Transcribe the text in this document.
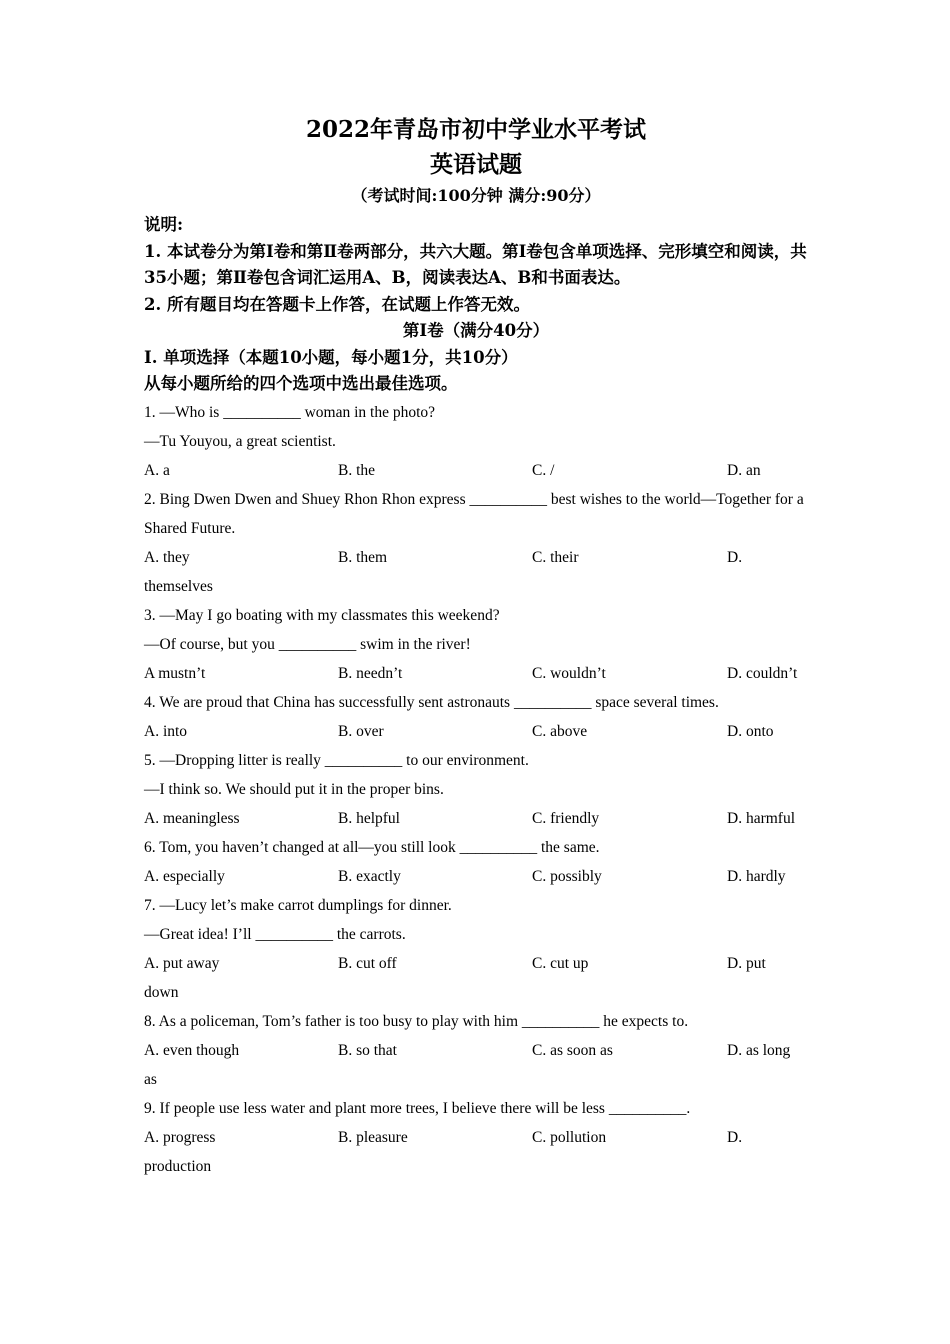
2022年青岛市初中学业水平考试
英语试题
（考试时间:100分钟 满分:90分）
说明:
1. 本试卷分为第I卷和第Ⅱ卷两部分，共六大题。第I卷包含单项选择、完形填空和阅读，共35小题；第Ⅱ卷包含词汇运用A、B，阅读表达A、B和书面表达。
2. 所有题目均在答题卡上作答，在试题上作答无效。
第I卷（满分40分）
I. 单项选择（本题10小题，每小题1分，共10分）
从每小题所给的四个选项中选出最佳选项。
1. —Who is __________ woman in the photo?
—Tu Youyou, a great scientist.
A. a	B. the	C. /	D. an
2. Bing Dwen Dwen and Shuey Rhon Rhon express __________ best wishes to the world—Together for a Shared Future.
A. they	B. them	C. their	D.
themselves
3. —May I go boating with my classmates this weekend?
—Of course, but you __________ swim in the river!
A mustn’t	B. needn’t	C. wouldn’t	D. couldn’t
4. We are proud that China has successfully sent astronauts __________ space several times.
A. into	B. over	C. above	D. onto
5. —Dropping litter is really __________ to our environment.
—I think so. We should put it in the proper bins.
A. meaningless	B. helpful	C. friendly	D. harmful
6. Tom, you haven’t changed at all—you still look __________ the same.
A. especially	B. exactly	C. possibly	D. hardly
7. —Lucy let’s make carrot dumplings for dinner.
—Great idea! I’ll __________ the carrots.
A. put away	B. cut off	C. cut up	D. put
down
8. As a policeman, Tom’s father is too busy to play with him __________ he expects to.
A. even though	B. so that	C. as soon as	D. as long
as
9. If people use less water and plant more trees, I believe there will be less __________.
A. progress	B. pleasure	C. pollution	D.
production
